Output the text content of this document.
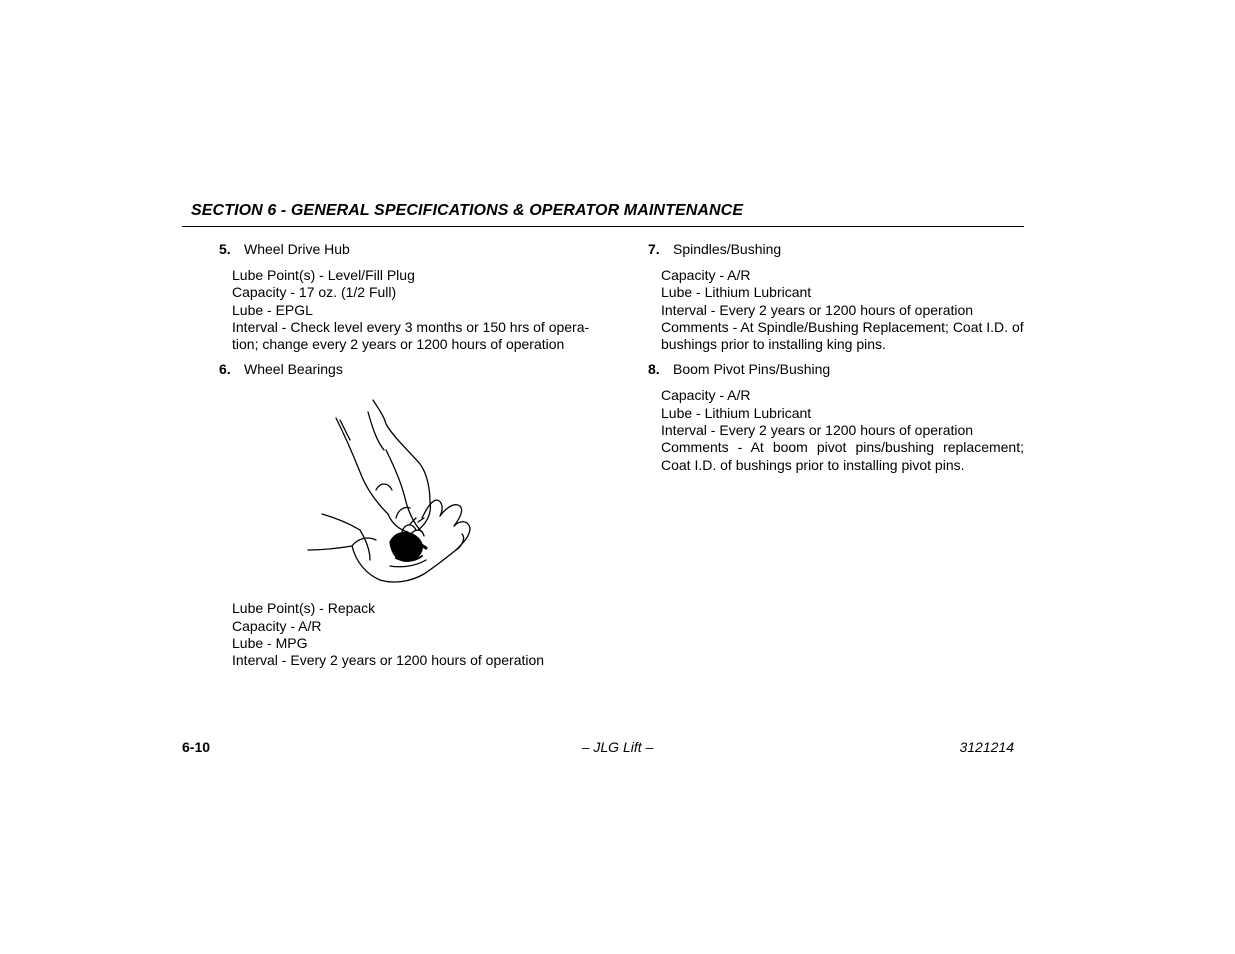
SECTION 6 - GENERAL SPECIFICATIONS & OPERATOR MAINTENANCE
5. Wheel Drive Hub

Lube Point(s) - Level/Fill Plug

Capacity - 17 oz. (1/2 Full)

Lube - EPGL

Interval - Check level every 3 months or 150 hrs of opera-

tion; change every 2 years or 1200 hours of operation

6. Wheel Bearings

Lube Point(s) - Repack

Capacity - A/R

Lube - MPG

Interval - Every 2 years or 1200 hours of operation

7. Spindles/Bushing

Capacity - A/R

Lube - Lithium Lubricant

Interval - Every 2 years or 1200 hours of operation

Comments - At Spindle/Bushing Replacement; Coat I.D. of

bushings prior to installing king pins.

8. Boom Pivot Pins/Bushing

Capacity - A/R

Lube - Lithium Lubricant

Interval - Every 2 years or 1200 hours of operation

Comments - At boom pivot pins/bushing replacement;

Coat I.D. of bushings prior to installing pivot pins.

– JLG Lift –
6-10	3121214
